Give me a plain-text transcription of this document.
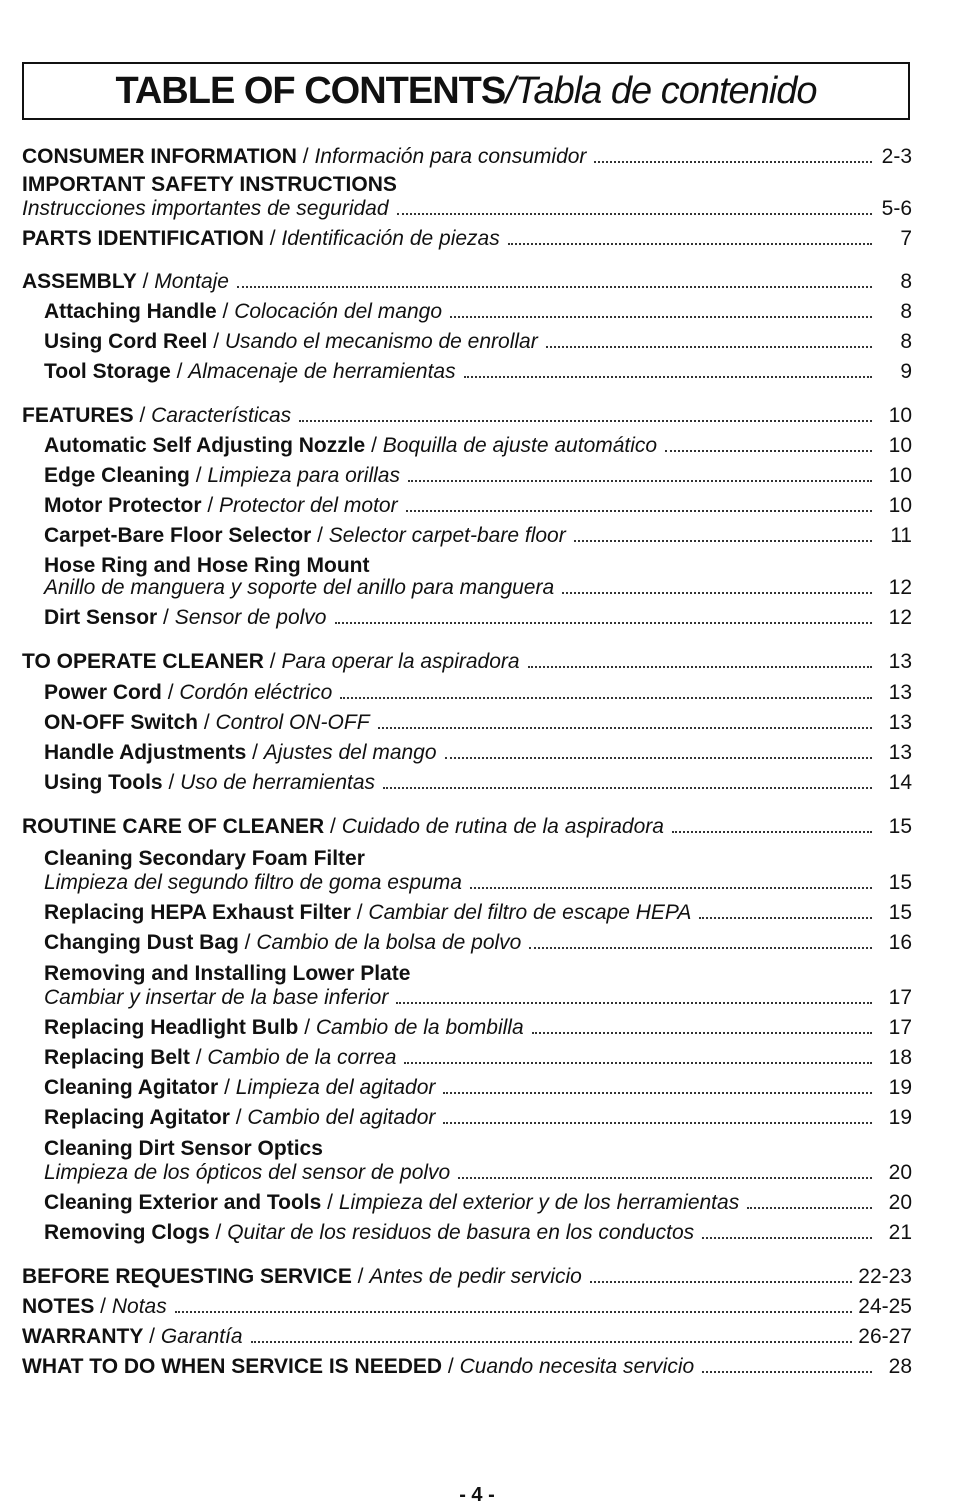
TABLE OF CONTENTS / Tabla de contenido
CONSUMER INFORMATION / Información para consumidor	2-3
IMPORTANT SAFETY INSTRUCTIONS
Instrucciones importantes de seguridad	5-6
PARTS IDENTIFICATION / Identificación de piezas	7
ASSEMBLY / Montaje	8
Attaching Handle / Colocación del mango	8
Using Cord Reel / Usando el mecanismo de enrollar	8
Tool Storage / Almacenaje de herramientas	9
FEATURES / Características	10
Automatic Self Adjusting Nozzle / Boquilla de ajuste automático	10
Edge Cleaning / Limpieza para orillas	10
Motor Protector / Protector del motor	10
Carpet-Bare Floor Selector / Selector carpet-bare floor	11
Hose Ring and Hose Ring Mount
Anillo de manguera y soporte del anillo para manguera	12
Dirt Sensor / Sensor de polvo	12
TO OPERATE CLEANER / Para operar la aspiradora	13
Power Cord / Cordón eléctrico	13
ON-OFF Switch / Control ON-OFF	13
Handle Adjustments / Ajustes del mango	13
Using Tools / Uso de herramientas	14
ROUTINE CARE OF CLEANER / Cuidado de rutina de la aspiradora	15
Cleaning Secondary Foam Filter
Limpieza del segundo filtro de goma espuma	15
Replacing HEPA Exhaust Filter / Cambiar del filtro de escape HEPA	15
Changing Dust Bag / Cambio de la bolsa de polvo	16
Removing and Installing Lower Plate
Cambiar y insertar de la base inferior	17
Replacing Headlight Bulb / Cambio de la bombilla	17
Replacing Belt / Cambio de la correa	18
Cleaning Agitator / Limpieza del agitador	19
Replacing Agitator / Cambio del agitador	19
Cleaning Dirt Sensor Optics
Limpieza de los ópticos del sensor de polvo	20
Cleaning Exterior and Tools / Limpieza del exterior y de los herramientas	20
Removing Clogs / Quitar de los residuos de basura en los conductos	21
BEFORE REQUESTING SERVICE / Antes de pedir servicio	22-23
NOTES / Notas	24-25
WARRANTY / Garantía	26-27
WHAT TO DO WHEN SERVICE IS NEEDED / Cuando necesita servicio	28
- 4 -
